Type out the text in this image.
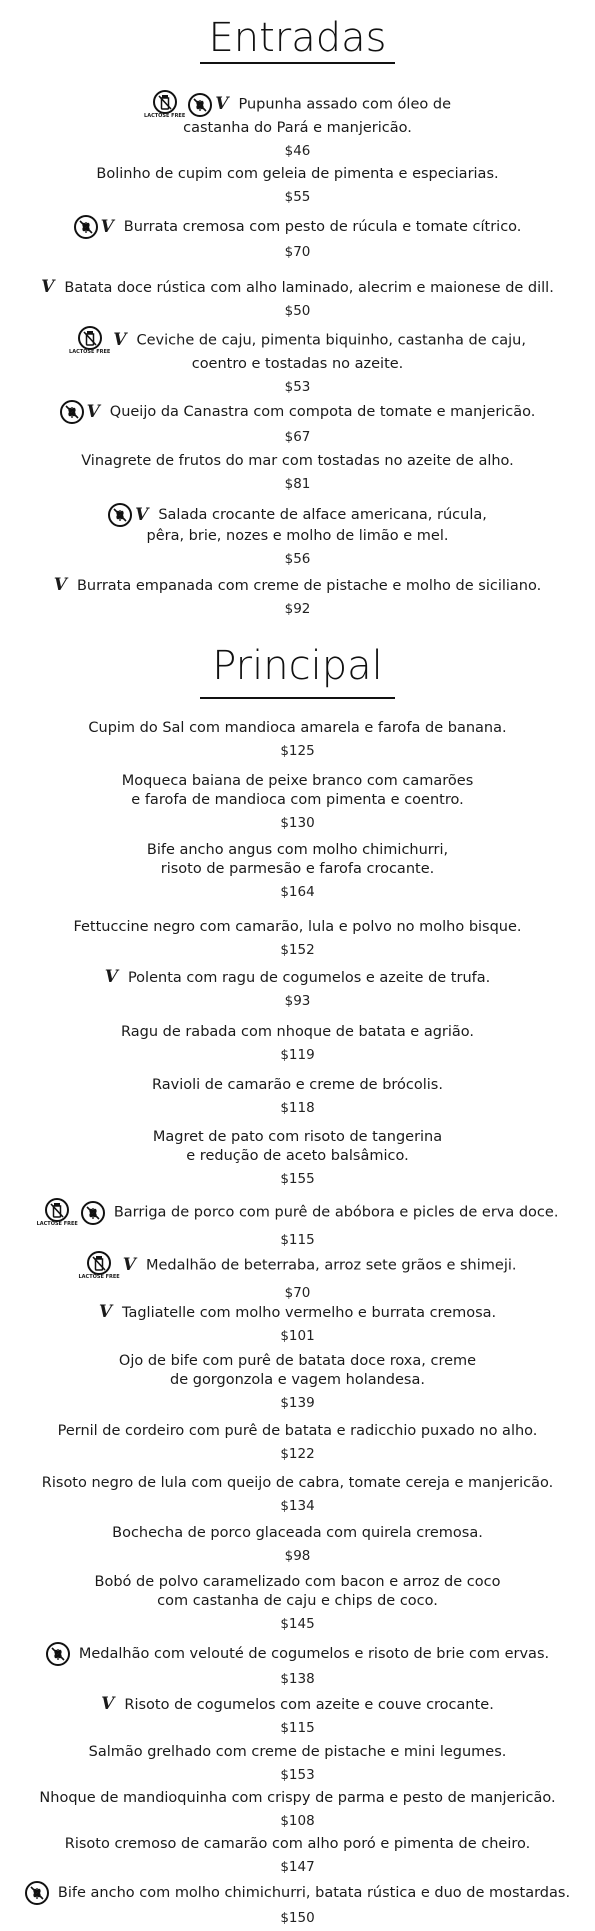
Entradas
Principal
LACTOSE FREE
V Pupunha assado com óleo de
castanha do Pará e manjericão.
$46
Bolinho de cupim com geleia de pimenta e especiarias.
$55
V Burrata cremosa com pesto de rúcula e tomate cítrico.
$70
V Batata doce rústica com alho laminado, alecrim e maionese de dill.
$50
LACTOSE FREE
V Ceviche de caju, pimenta biquinho, castanha de caju,
coentro e tostadas no azeite.
$53
V Queijo da Canastra com compota de tomate e manjericão.
$67
Vinagrete de frutos do mar com tostadas no azeite de alho.
$81
V Salada crocante de alface americana, rúcula,
pêra, brie, nozes e molho de limão e mel.
$56
V Burrata empanada com creme de pistache e molho de siciliano.
$92
Cupim do Sal com mandioca amarela e farofa de banana.
$125
Moqueca baiana de peixe branco com camarões
e farofa de mandioca com pimenta e coentro.
$130
Bife ancho angus com molho chimichurri,
risoto de parmesão e farofa crocante.
$164
Fettuccine negro com camarão, lula e polvo no molho bisque.
$152
V Polenta com ragu de cogumelos e azeite de trufa.
$93
Ragu de rabada com nhoque de batata e agrião.
$119
Ravioli de camarão e creme de brócolis.
$118
Magret de pato com risoto de tangerina
e redução de aceto balsâmico.
$155
LACTOSE FREE
Barriga de porco com purê de abóbora e picles de erva doce.
$115
LACTOSE FREE
V Medalhão de beterraba, arroz sete grãos e shimeji.
$70
V Tagliatelle com molho vermelho e burrata cremosa.
$101
Ojo de bife com purê de batata doce roxa, creme
de gorgonzola e vagem holandesa.
$139
Pernil de cordeiro com purê de batata e radicchio puxado no alho.
$122
Risoto negro de lula com queijo de cabra, tomate cereja e manjericão.
$134
Bochecha de porco glaceada com quirela cremosa.
$98
Bobó de polvo caramelizado com bacon e arroz de coco
com castanha de caju e chips de coco.
$145
Medalhão com velouté de cogumelos e risoto de brie com ervas.
$138
V Risoto de cogumelos com azeite e couve crocante.
$115
Salmão grelhado com creme de pistache e mini legumes.
$153
Nhoque de mandioquinha com crispy de parma e pesto de manjericão.
$108
Risoto cremoso de camarão com alho poró e pimenta de cheiro.
$147
Bife ancho com molho chimichurri, batata rústica e duo de mostardas.
$150
